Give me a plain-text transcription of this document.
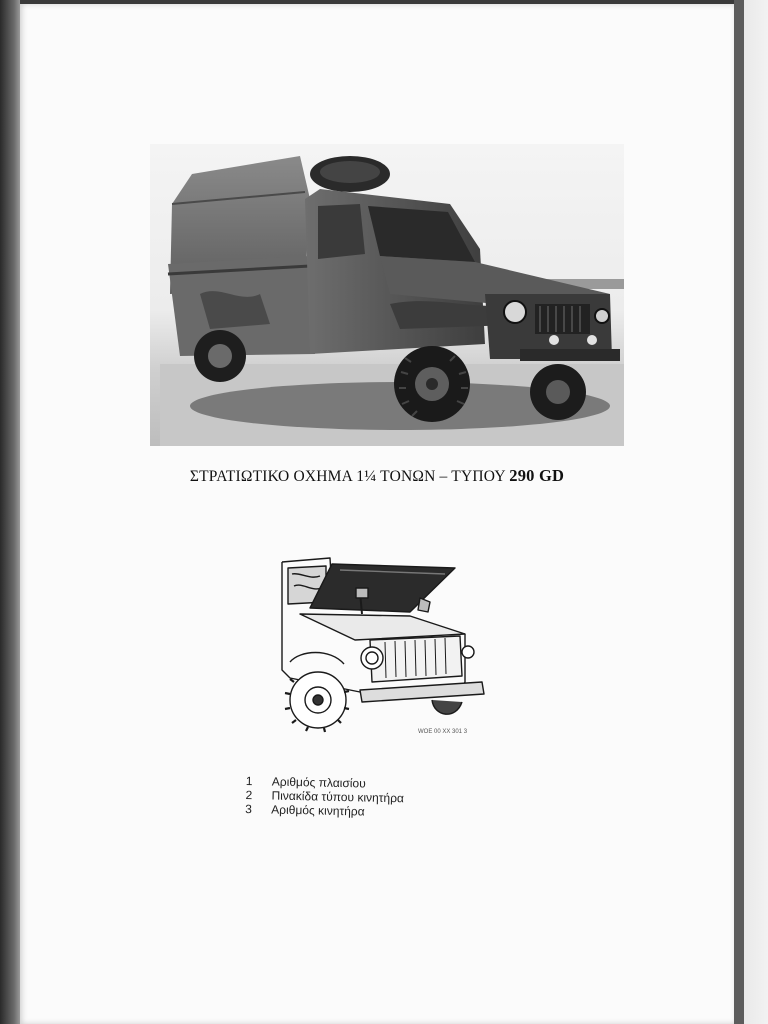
ΣΤΡΑΤΙΩΤΙΚΟ ΟΧΗΜΑ 1¼ ΤΟΝΩΝ – ΤΥΠΟΥ 290 GD
WOE 00 XX 301 3
1 Αριθμός πλαισίου
2 Πινακίδα τύπου κινητήρα
3 Αριθμός κινητήρα
